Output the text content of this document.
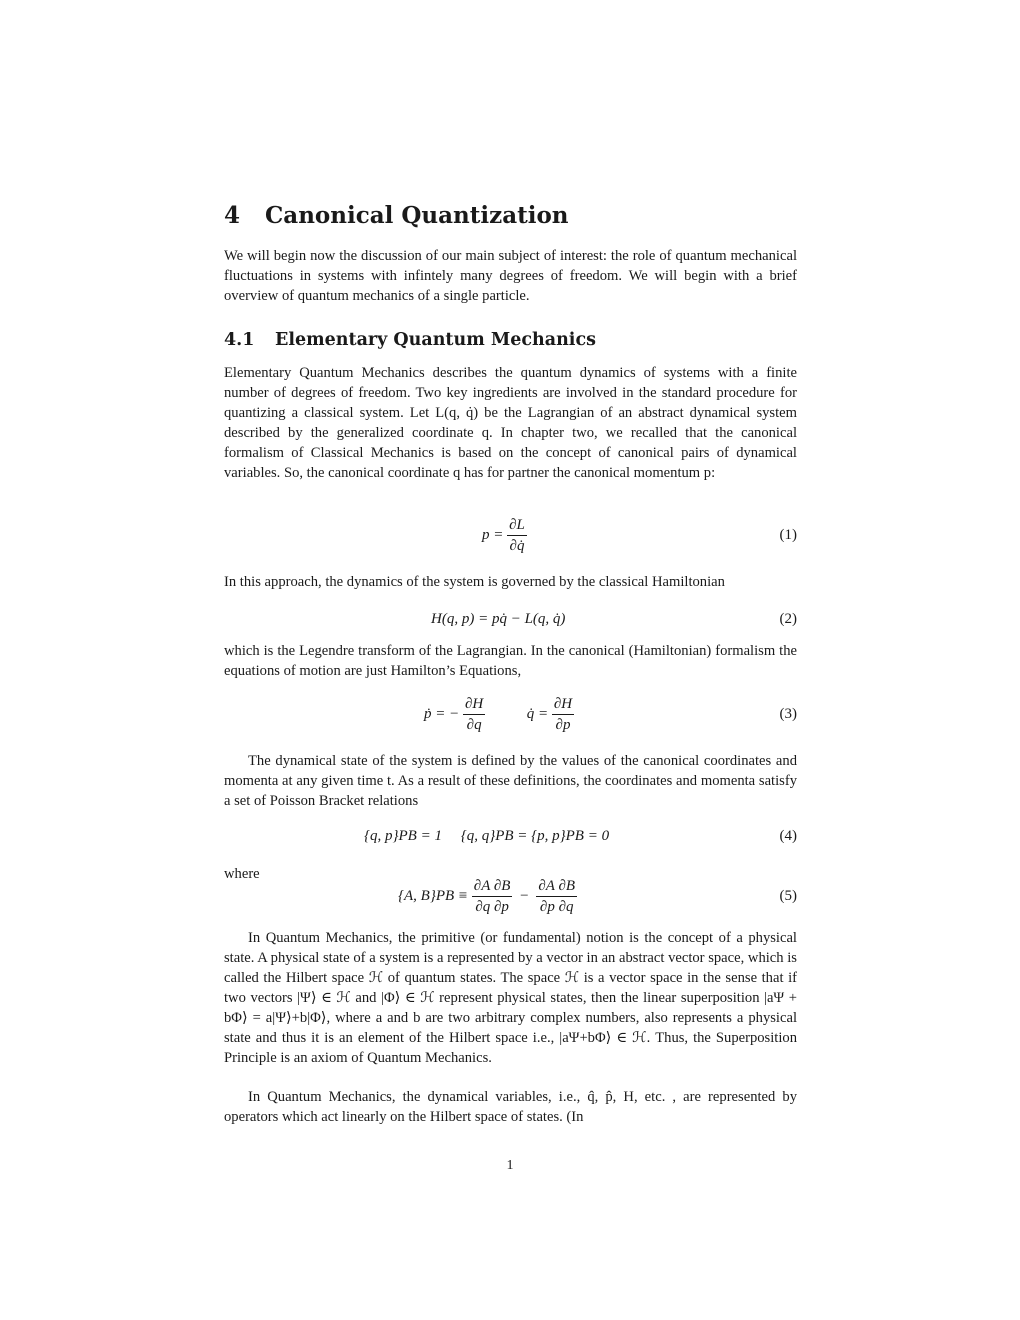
4 Canonical Quantization
We will begin now the discussion of our main subject of interest: the role of quantum mechanical fluctuations in systems with infintely many degrees of freedom. We will begin with a brief overview of quantum mechanics of a single particle.
4.1 Elementary Quantum Mechanics
Elementary Quantum Mechanics describes the quantum dynamics of systems with a finite number of degrees of freedom. Two key ingredients are involved in the standard procedure for quantizing a classical system. Let L(q, q̇) be the Lagrangian of an abstract dynamical system described by the generalized coordinate q. In chapter two, we recalled that the canonical formalism of Classical Mechanics is based on the concept of canonical pairs of dynamical variables. So, the canonical coordinate q has for partner the canonical momentum p:
$p = \frac{\partial L}{\partial q̇}$	(1)
In this approach, the dynamics of the system is governed by the classical Hamiltonian
H(q, p) = pq̇ − L(q, q̇)	(2)
which is the Legendre transform of the Lagrangian. In the canonical (Hamiltonian) formalism the equations of motion are just Hamilton’s Equations,
ṗ = − $\frac{\partial H}{\partial q}$	q̇ = $\frac{\partial H}{\partial p}$	(3)
The dynamical state of the system is defined by the values of the canonical coordinates and momenta at any given time t. As a result of these definitions, the coordinates and momenta satisfy a set of Poisson Bracket relations
{q, p}PB = 1     {q, q}PB = {p, p}PB = 0	(4)
where
{A, $B\}PB \equiv \frac{\partial A \partial B}{\partial q \partial p} - \frac{\partial A \partial B}{\partial p \partial q}$	(5)
In Quantum Mechanics, the primitive (or fundamental) notion is the concept of a physical state. A physical state of a system is a represented by a vector in an abstract vector space, which is called the Hilbert space ℋ of quantum states. The space ℋ is a vector space in the sense that if two vectors |Ψ⟩ ∈ ℋ and |Φ⟩ ∈ ℋ represent physical states, then the linear superposition |aΨ + bΦ⟩ = a|Ψ⟩+b|Φ⟩, where a and b are two arbitrary complex numbers, also represents a physical state and thus it is an element of the Hilbert space i.e., |aΨ+bΦ⟩ ∈ ℋ. Thus, the Superposition Principle is an axiom of Quantum Mechanics.
In Quantum Mechanics, the dynamical variables, i.e., q̂, p̂, H, etc. , are represented by operators which act linearly on the Hilbert space of states. (In
1
